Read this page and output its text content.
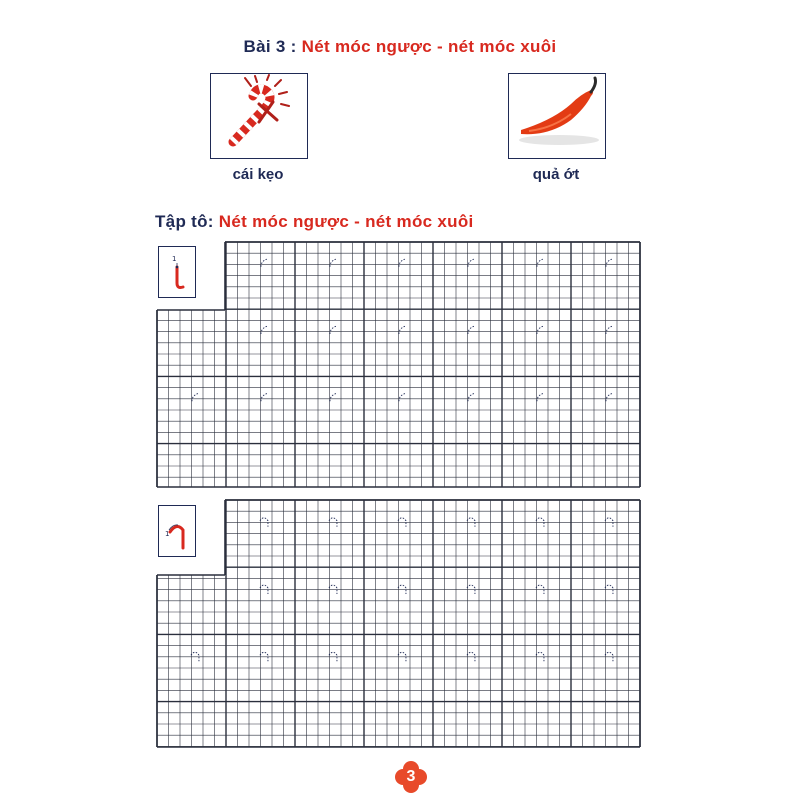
Bài 3 : Nét móc ngược - nét móc xuôi
cái kẹo	quả ớt
Tập tô: Nét móc ngược - nét móc xuôi
1
1
3
